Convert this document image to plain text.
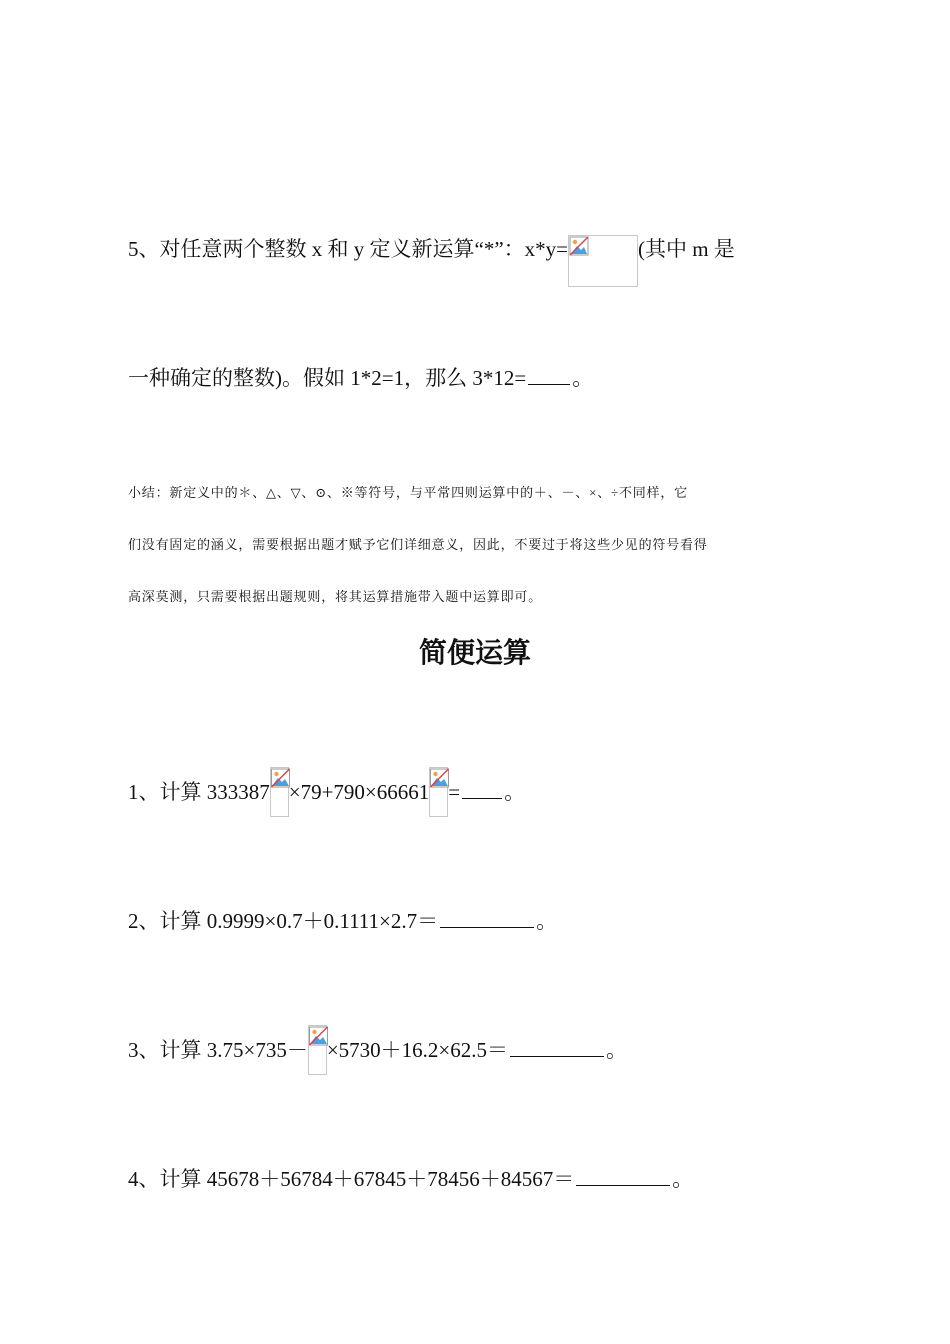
5、对任意两个整数 x 和 y 定义新运算“*”：x*y=	(其中 m 是
一种确定的整数)。假如 1*2=1，那么 3*12= 。
小结：新定义中的＊、△、▽、⊙、※等符号，与平常四则运算中的＋、－、×、÷不同样，它
们没有固定的涵义，需要根据出题才赋予它们详细意义，因此，不要过于将这些少见的符号看得
高深莫测，只需要根据出题规则，将其运算措施带入题中运算即可。
简便运算
1、计算 333387 ×79+790×66661 = 。
2、计算 0.9999×0.7＋0.1111×2.7＝	。
3、计算 3.75×735－ ×5730＋16.2×62.5＝	。
4、计算 45678＋56784＋67845＋78456＋84567＝	。
